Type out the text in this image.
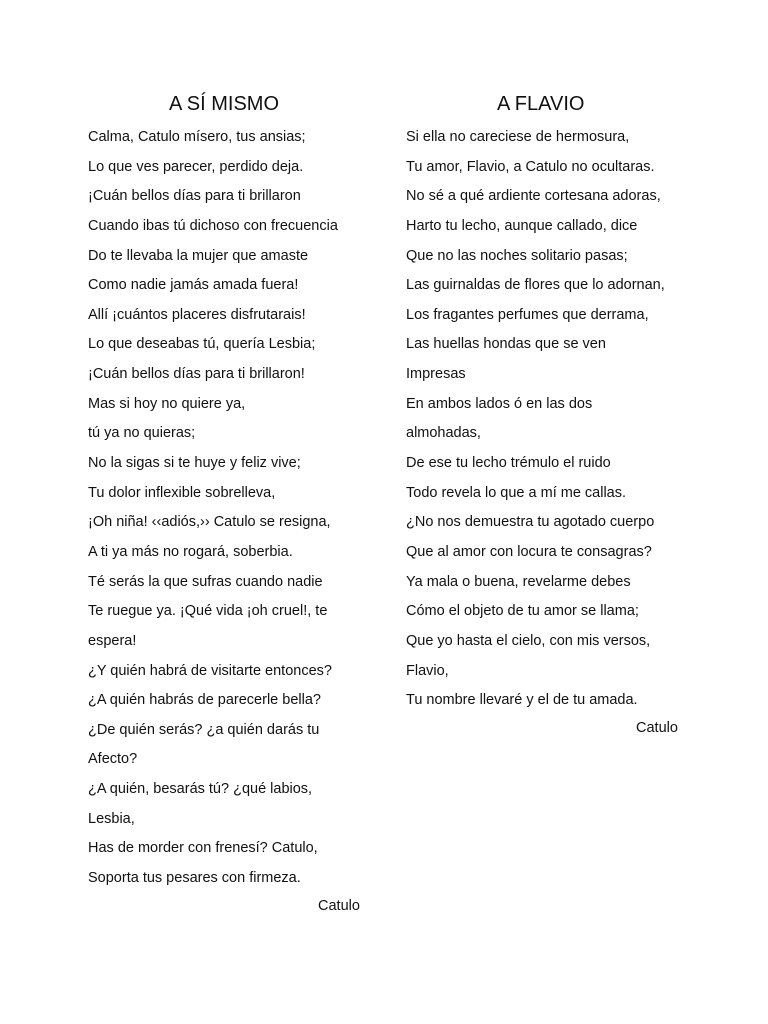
A SÍ MISMO
Calma, Catulo mísero, tus ansias;
Lo que ves parecer, perdido deja.
¡Cuán bellos días para ti brillaron
Cuando ibas tú dichoso con frecuencia
Do te llevaba la mujer que amaste
Como nadie jamás amada fuera!
Allí ¡cuántos placeres disfrutarais!
Lo que deseabas tú, quería Lesbia;
¡Cuán bellos días para ti brillaron!
Mas si hoy no quiere ya,
tú ya no quieras;
No la sigas si te huye y feliz vive;
Tu dolor inflexible sobrelleva,
¡Oh niña! ‹‹adiós,›› Catulo se resigna,
A ti ya más no rogará, soberbia.
Té serás la que sufras cuando nadie
Te ruegue ya. ¡Qué vida ¡oh cruel!, te
espera!
¿Y quién habrá de visitarte entonces?
¿A quién habrás de parecerle bella?
¿De quién serás? ¿a quién darás tu
Afecto?
¿A quién, besarás tú? ¿qué labios,
Lesbia,
Has de morder con frenesí? Catulo,
Soporta tus pesares con firmeza.
Catulo
A FLAVIO
Si ella no careciese de hermosura,
Tu amor, Flavio, a Catulo no ocultaras.
No sé a qué ardiente cortesana adoras,
Harto tu lecho, aunque callado, dice
Que no las noches solitario pasas;
Las guirnaldas de flores que lo adornan,
Los fragantes perfumes que derrama,
Las huellas hondas que se ven
Impresas
En ambos lados ó en las dos
almohadas,
De ese tu lecho trémulo el ruido
Todo revela lo que a mí me callas.
¿No nos demuestra tu agotado cuerpo
Que al amor con locura te consagras?
Ya mala o buena, revelarme debes
Cómo el objeto de tu amor se llama;
Que yo hasta el cielo, con mis versos,
Flavio,
Tu nombre llevaré y el de tu amada.
Catulo
